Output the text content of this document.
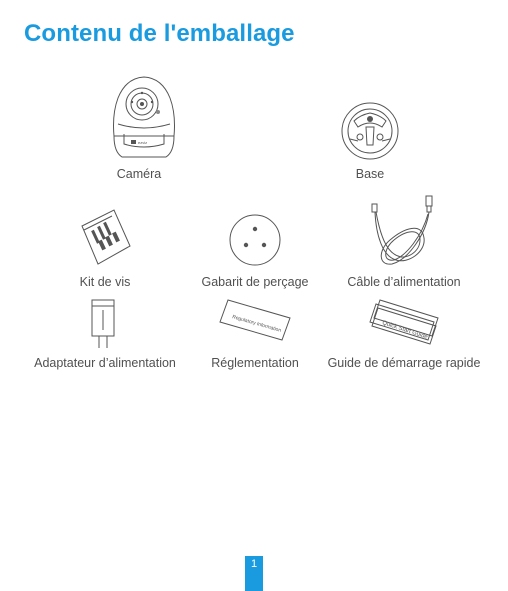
Contenu de l'emballage
ezviz
Caméra	Base
Kit de vis	Gabarit de perçage	Câble d’alimentation
Adaptateur d’alimentation
Regulatory Information
Réglementation
Quick Start Guide
Guide de démarrage rapide
1
